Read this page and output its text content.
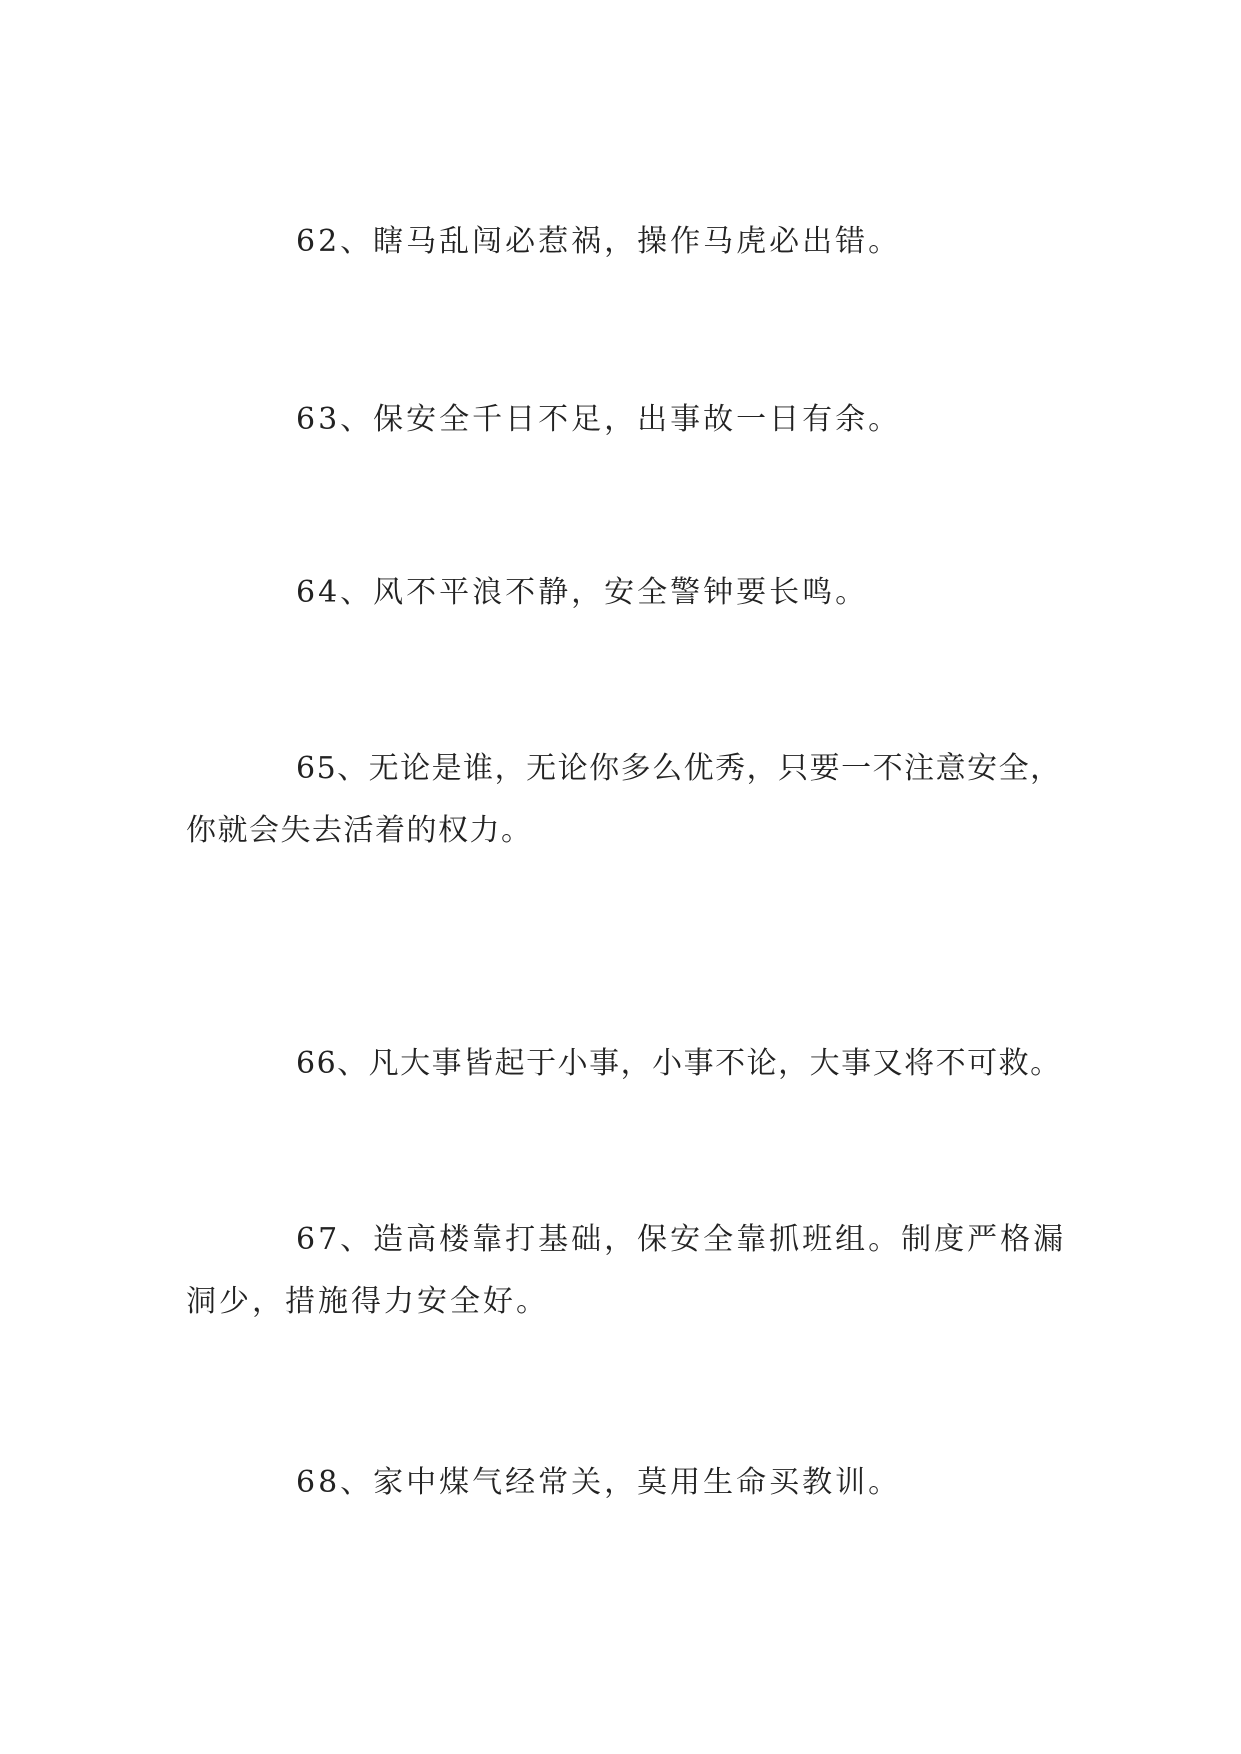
62、瞎马乱闯必惹祸，操作马虎必出错。

63、保安全千日不足，出事故一日有余。

64、风不平浪不静，安全警钟要长鸣。

65、无论是谁，无论你多么优秀，只要一不注意安全，
你就会失去活着的权力。

66、凡大事皆起于小事，小事不论，大事又将不可救。

67、造高楼靠打基础，保安全靠抓班组。制度严格漏
洞少，措施得力安全好。

68、家中煤气经常关，莫用生命买教训。
